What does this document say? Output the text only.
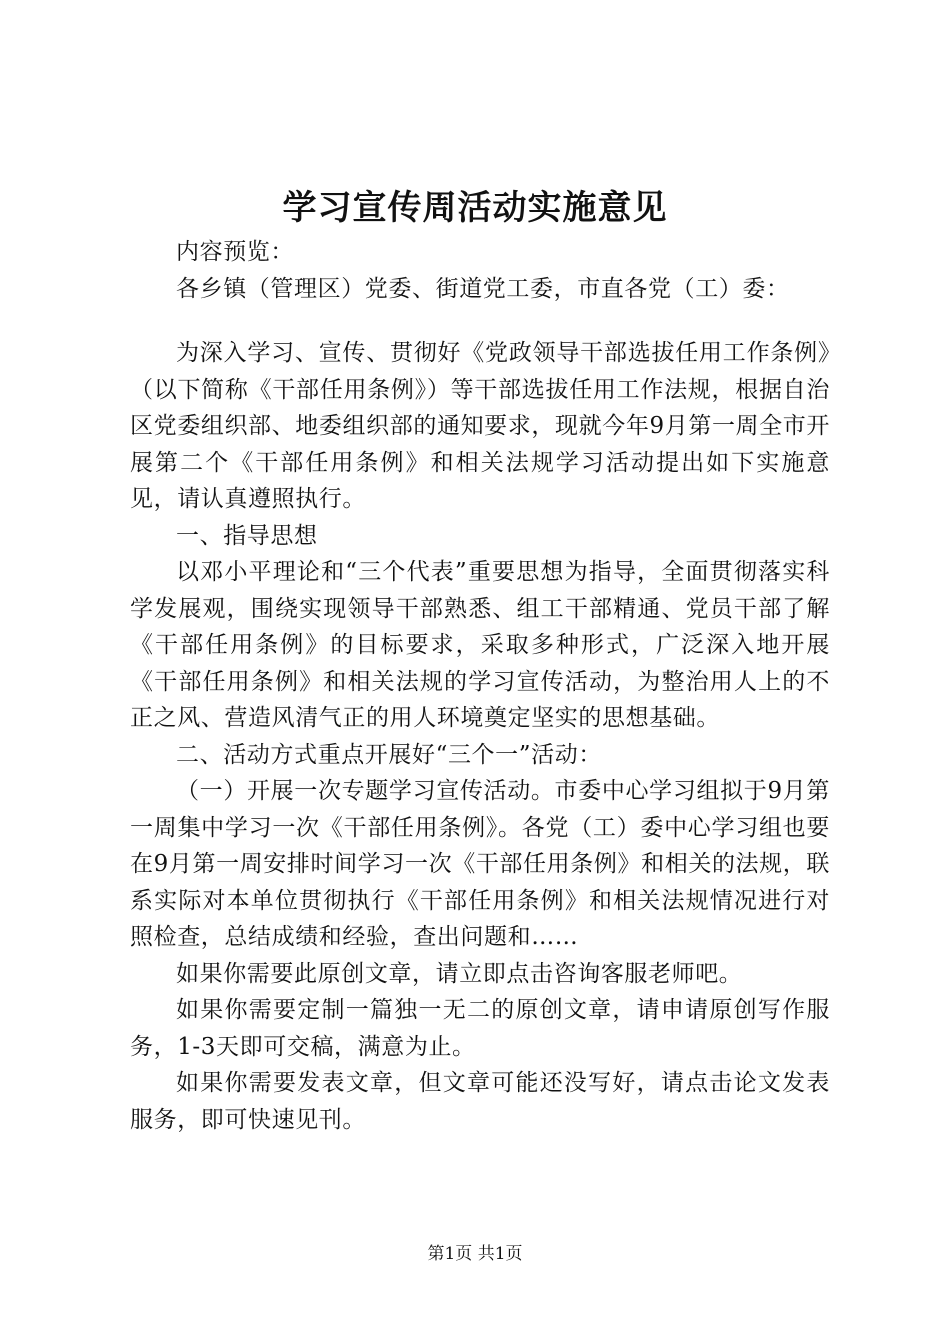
学习宣传周活动实施意见

内容预览：

各乡镇（管理区）党委、街道党工委，市直各党（工）委：

为深入学习、宣传、贯彻好《党政领导干部选拔任用工作条例》（以下简称《干部任用条例》）等干部选拔任用工作法规，根据自治区党委组织部、地委组织部的通知要求，现就今年9月第一周全市开展第二个《干部任用条例》和相关法规学习活动提出如下实施意见，请认真遵照执行。

一、指导思想

以邓小平理论和“三个代表”重要思想为指导，全面贯彻落实科学发展观，围绕实现领导干部熟悉、组工干部精通、党员干部了解《干部任用条例》的目标要求，采取多种形式，广泛深入地开展《干部任用条例》和相关法规的学习宣传活动，为整治用人上的不正之风、营造风清气正的用人环境奠定坚实的思想基础。

二、活动方式重点开展好“三个一”活动：

（一）开展一次专题学习宣传活动。市委中心学习组拟于9月第一周集中学习一次《干部任用条例》。各党（工）委中心学习组也要在9月第一周安排时间学习一次《干部任用条例》和相关的法规，联系实际对本单位贯彻执行《干部任用条例》和相关法规情况进行对照检查，总结成绩和经验，查出问题和……

如果你需要此原创文章，请立即点击咨询客服老师吧。

如果你需要定制一篇独一无二的原创文章，请申请原创写作服务，1-3天即可交稿，满意为止。

如果你需要发表文章，但文章可能还没写好，请点击论文发表服务，即可快速见刊。

第1页 共1页
